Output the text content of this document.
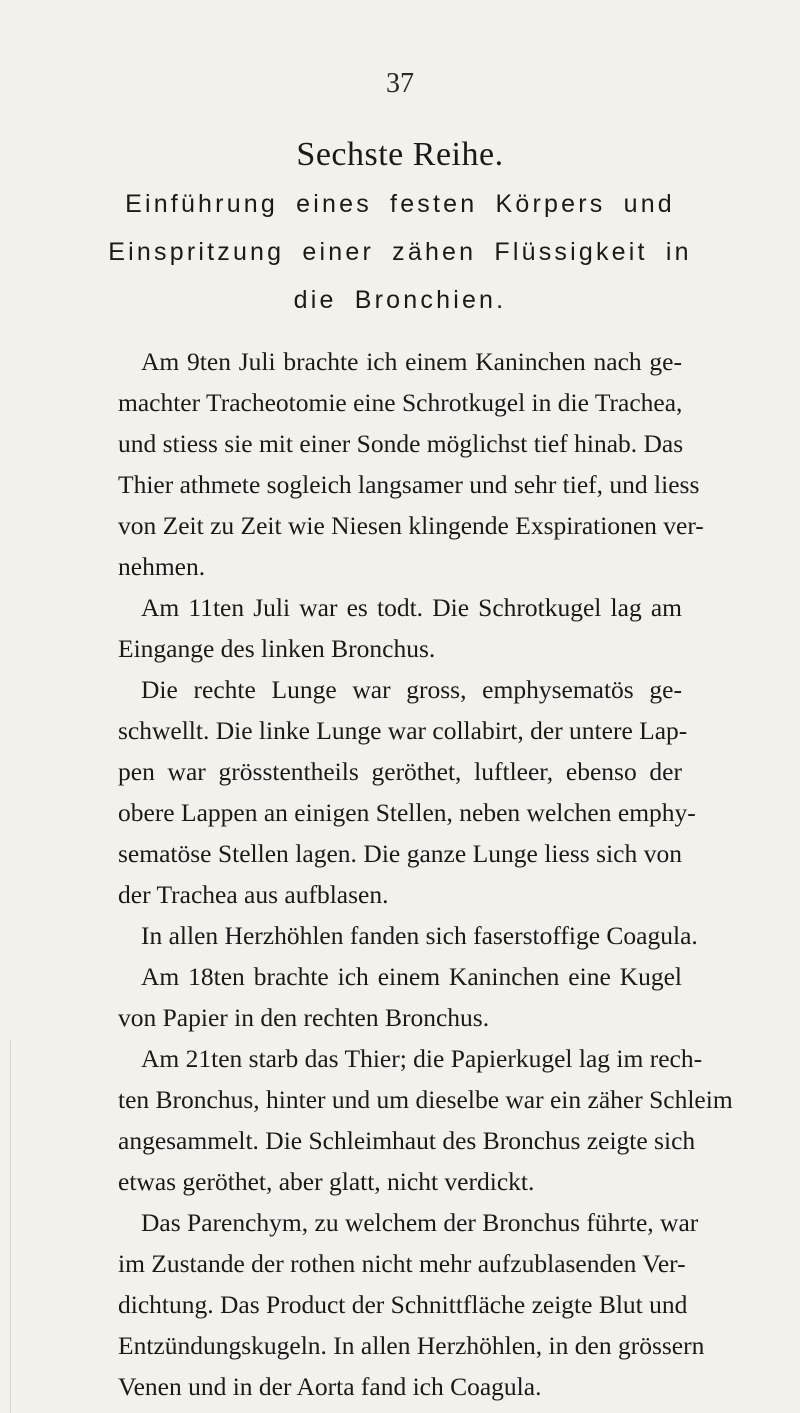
37
Sechste Reihe.
Einführung eines festen Körpers und
Einspritzung einer zähen Flüssigkeit in
die Bronchien.
Am 9ten Juli brachte ich einem Kaninchen nach ge-
machter Tracheotomie eine Schrotkugel in die Trachea,
und stiess sie mit einer Sonde möglichst tief hinab. Das
Thier athmete sogleich langsamer und sehr tief, und liess
von Zeit zu Zeit wie Niesen klingende Exspirationen ver-
nehmen.
Am 11ten Juli war es todt. Die Schrotkugel lag am
Eingange des linken Bronchus.
Die rechte Lunge war gross, emphysematös ge-
schwellt. Die linke Lunge war collabirt, der untere Lap-
pen war grösstentheils geröthet, luftleer, ebenso der
obere Lappen an einigen Stellen, neben welchen emphy-
sematöse Stellen lagen. Die ganze Lunge liess sich von
der Trachea aus aufblasen.
In allen Herzhöhlen fanden sich faserstoffige Coagula.
Am 18ten brachte ich einem Kaninchen eine Kugel
von Papier in den rechten Bronchus.
Am 21ten starb das Thier; die Papierkugel lag im rech-
ten Bronchus, hinter und um dieselbe war ein zäher Schleim
angesammelt. Die Schleimhaut des Bronchus zeigte sich
etwas geröthet, aber glatt, nicht verdickt.
Das Parenchym, zu welchem der Bronchus führte, war
im Zustande der rothen nicht mehr aufzublasenden Ver-
dichtung. Das Product der Schnittfläche zeigte Blut und
Entzündungskugeln. In allen Herzhöhlen, in den grössern
Venen und in der Aorta fand ich Coagula.
